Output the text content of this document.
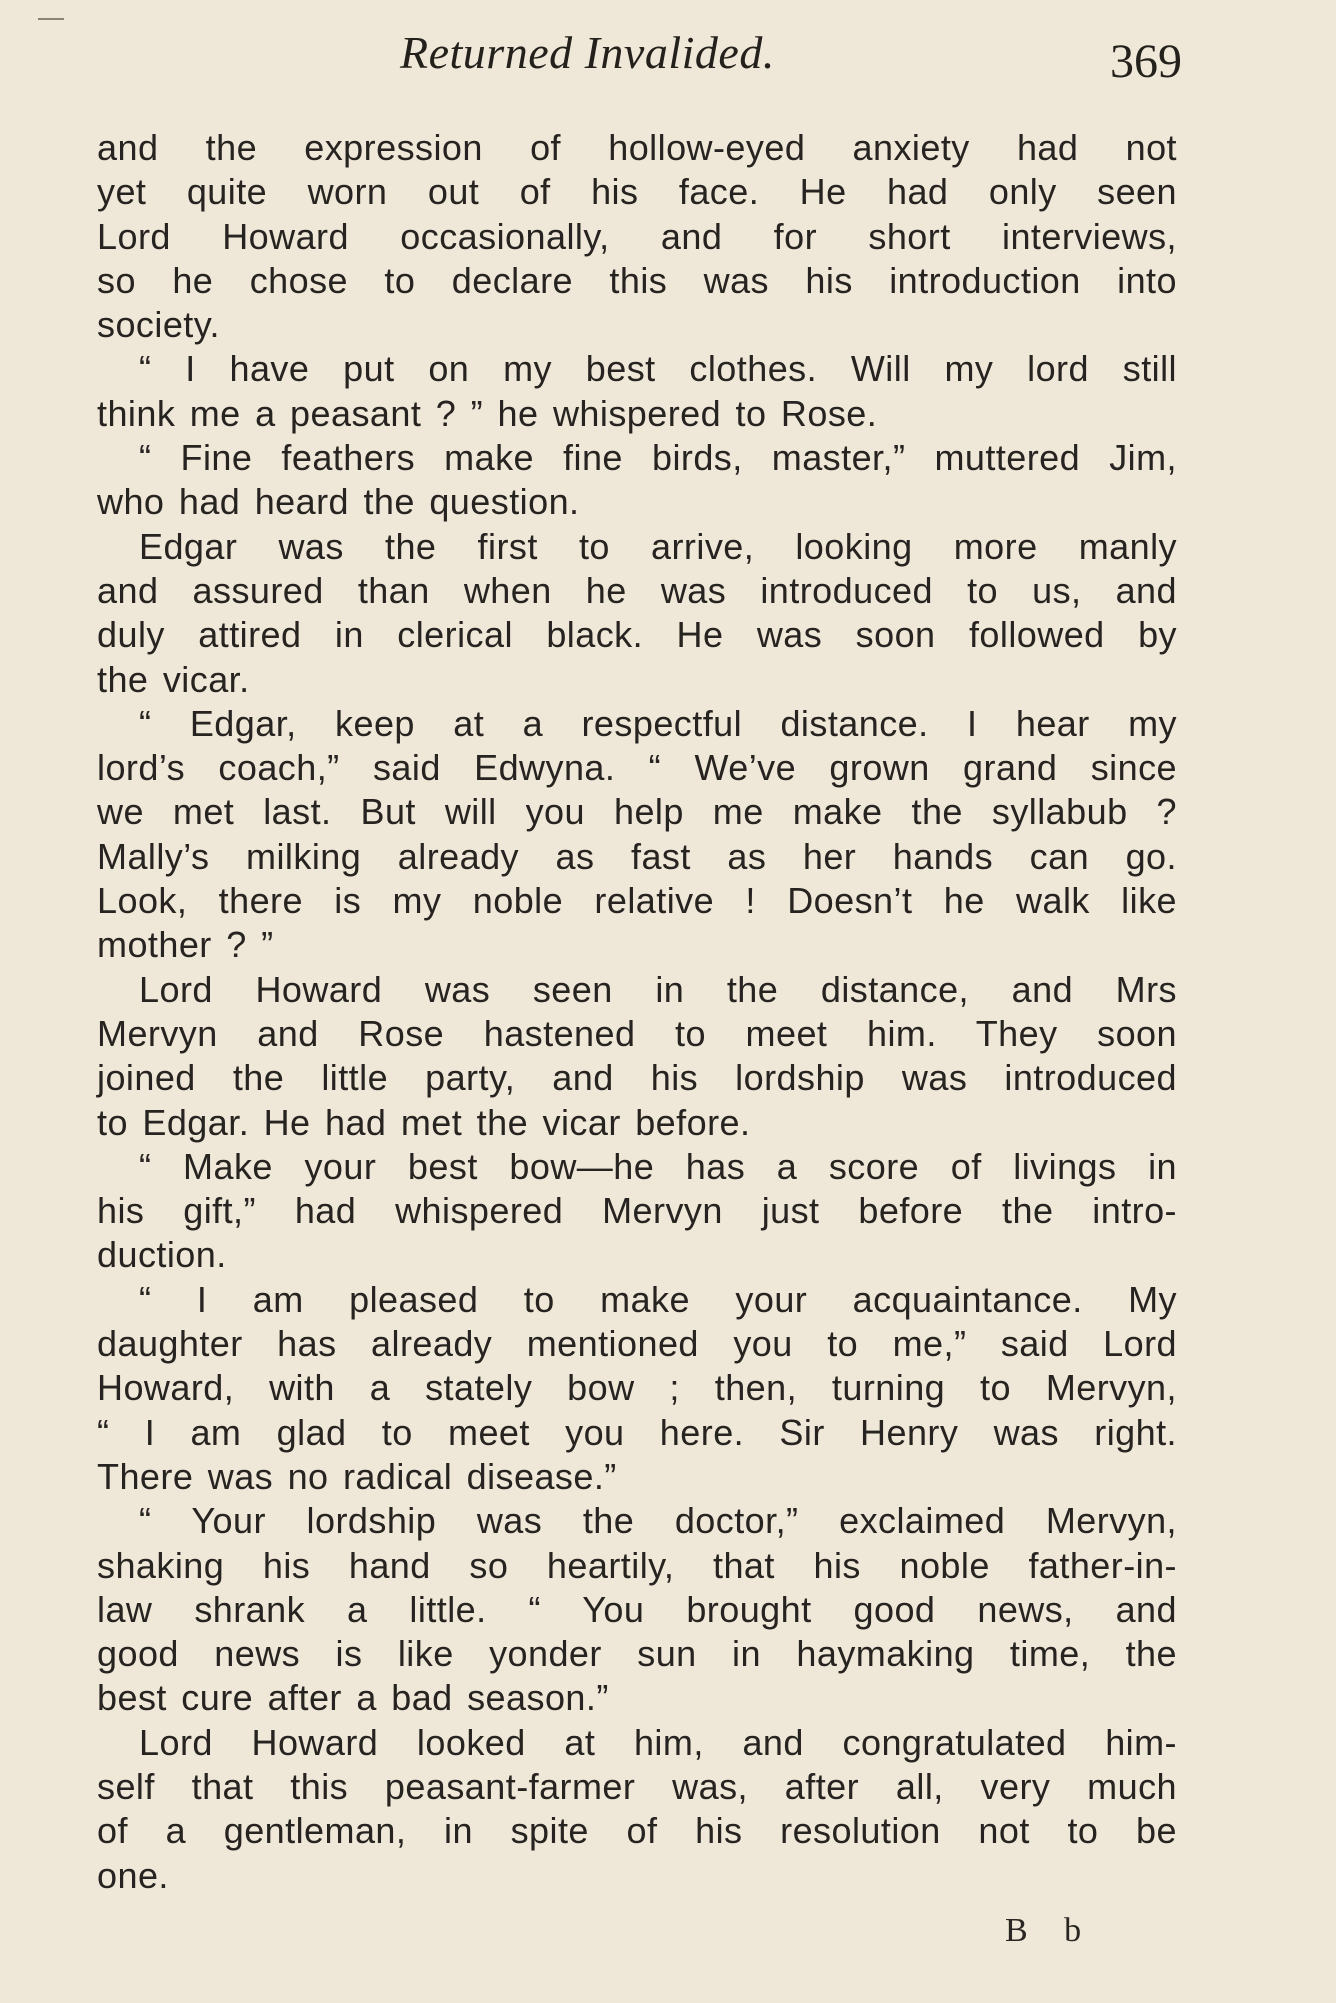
Returned Invalided.	369
and the expression of hollow-eyed anxiety had not
yet quite worn out of his face. He had only seen
Lord Howard occasionally, and for short interviews,
so he chose to declare this was his introduction into
society.
“ I have put on my best clothes. Will my lord still
think me a peasant ? ” he whispered to Rose.
“ Fine feathers make fine birds, master,” muttered Jim,
who had heard the question.
Edgar was the first to arrive, looking more manly
and assured than when he was introduced to us, and
duly attired in clerical black. He was soon followed by
the vicar.
“ Edgar, keep at a respectful distance. I hear my
lord’s coach,” said Edwyna. “ We’ve grown grand since
we met last. But will you help me make the syllabub ?
Mally’s milking already as fast as her hands can go.
Look, there is my noble relative ! Doesn’t he walk like
mother ? ”
Lord Howard was seen in the distance, and Mrs
Mervyn and Rose hastened to meet him. They soon
joined the little party, and his lordship was introduced
to Edgar. He had met the vicar before.
“ Make your best bow—he has a score of livings in
his gift,” had whispered Mervyn just before the intro-
duction.
“ I am pleased to make your acquaintance. My
daughter has already mentioned you to me,” said Lord
Howard, with a stately bow ; then, turning to Mervyn,
“ I am glad to meet you here. Sir Henry was right.
There was no radical disease.”
“ Your lordship was the doctor,” exclaimed Mervyn,
shaking his hand so heartily, that his noble father-in-
law shrank a little. “ You brought good news, and
good news is like yonder sun in haymaking time, the
best cure after a bad season.”
Lord Howard looked at him, and congratulated him-
self that this peasant-farmer was, after all, very much
of a gentleman, in spite of his resolution not to be
one.
B b
